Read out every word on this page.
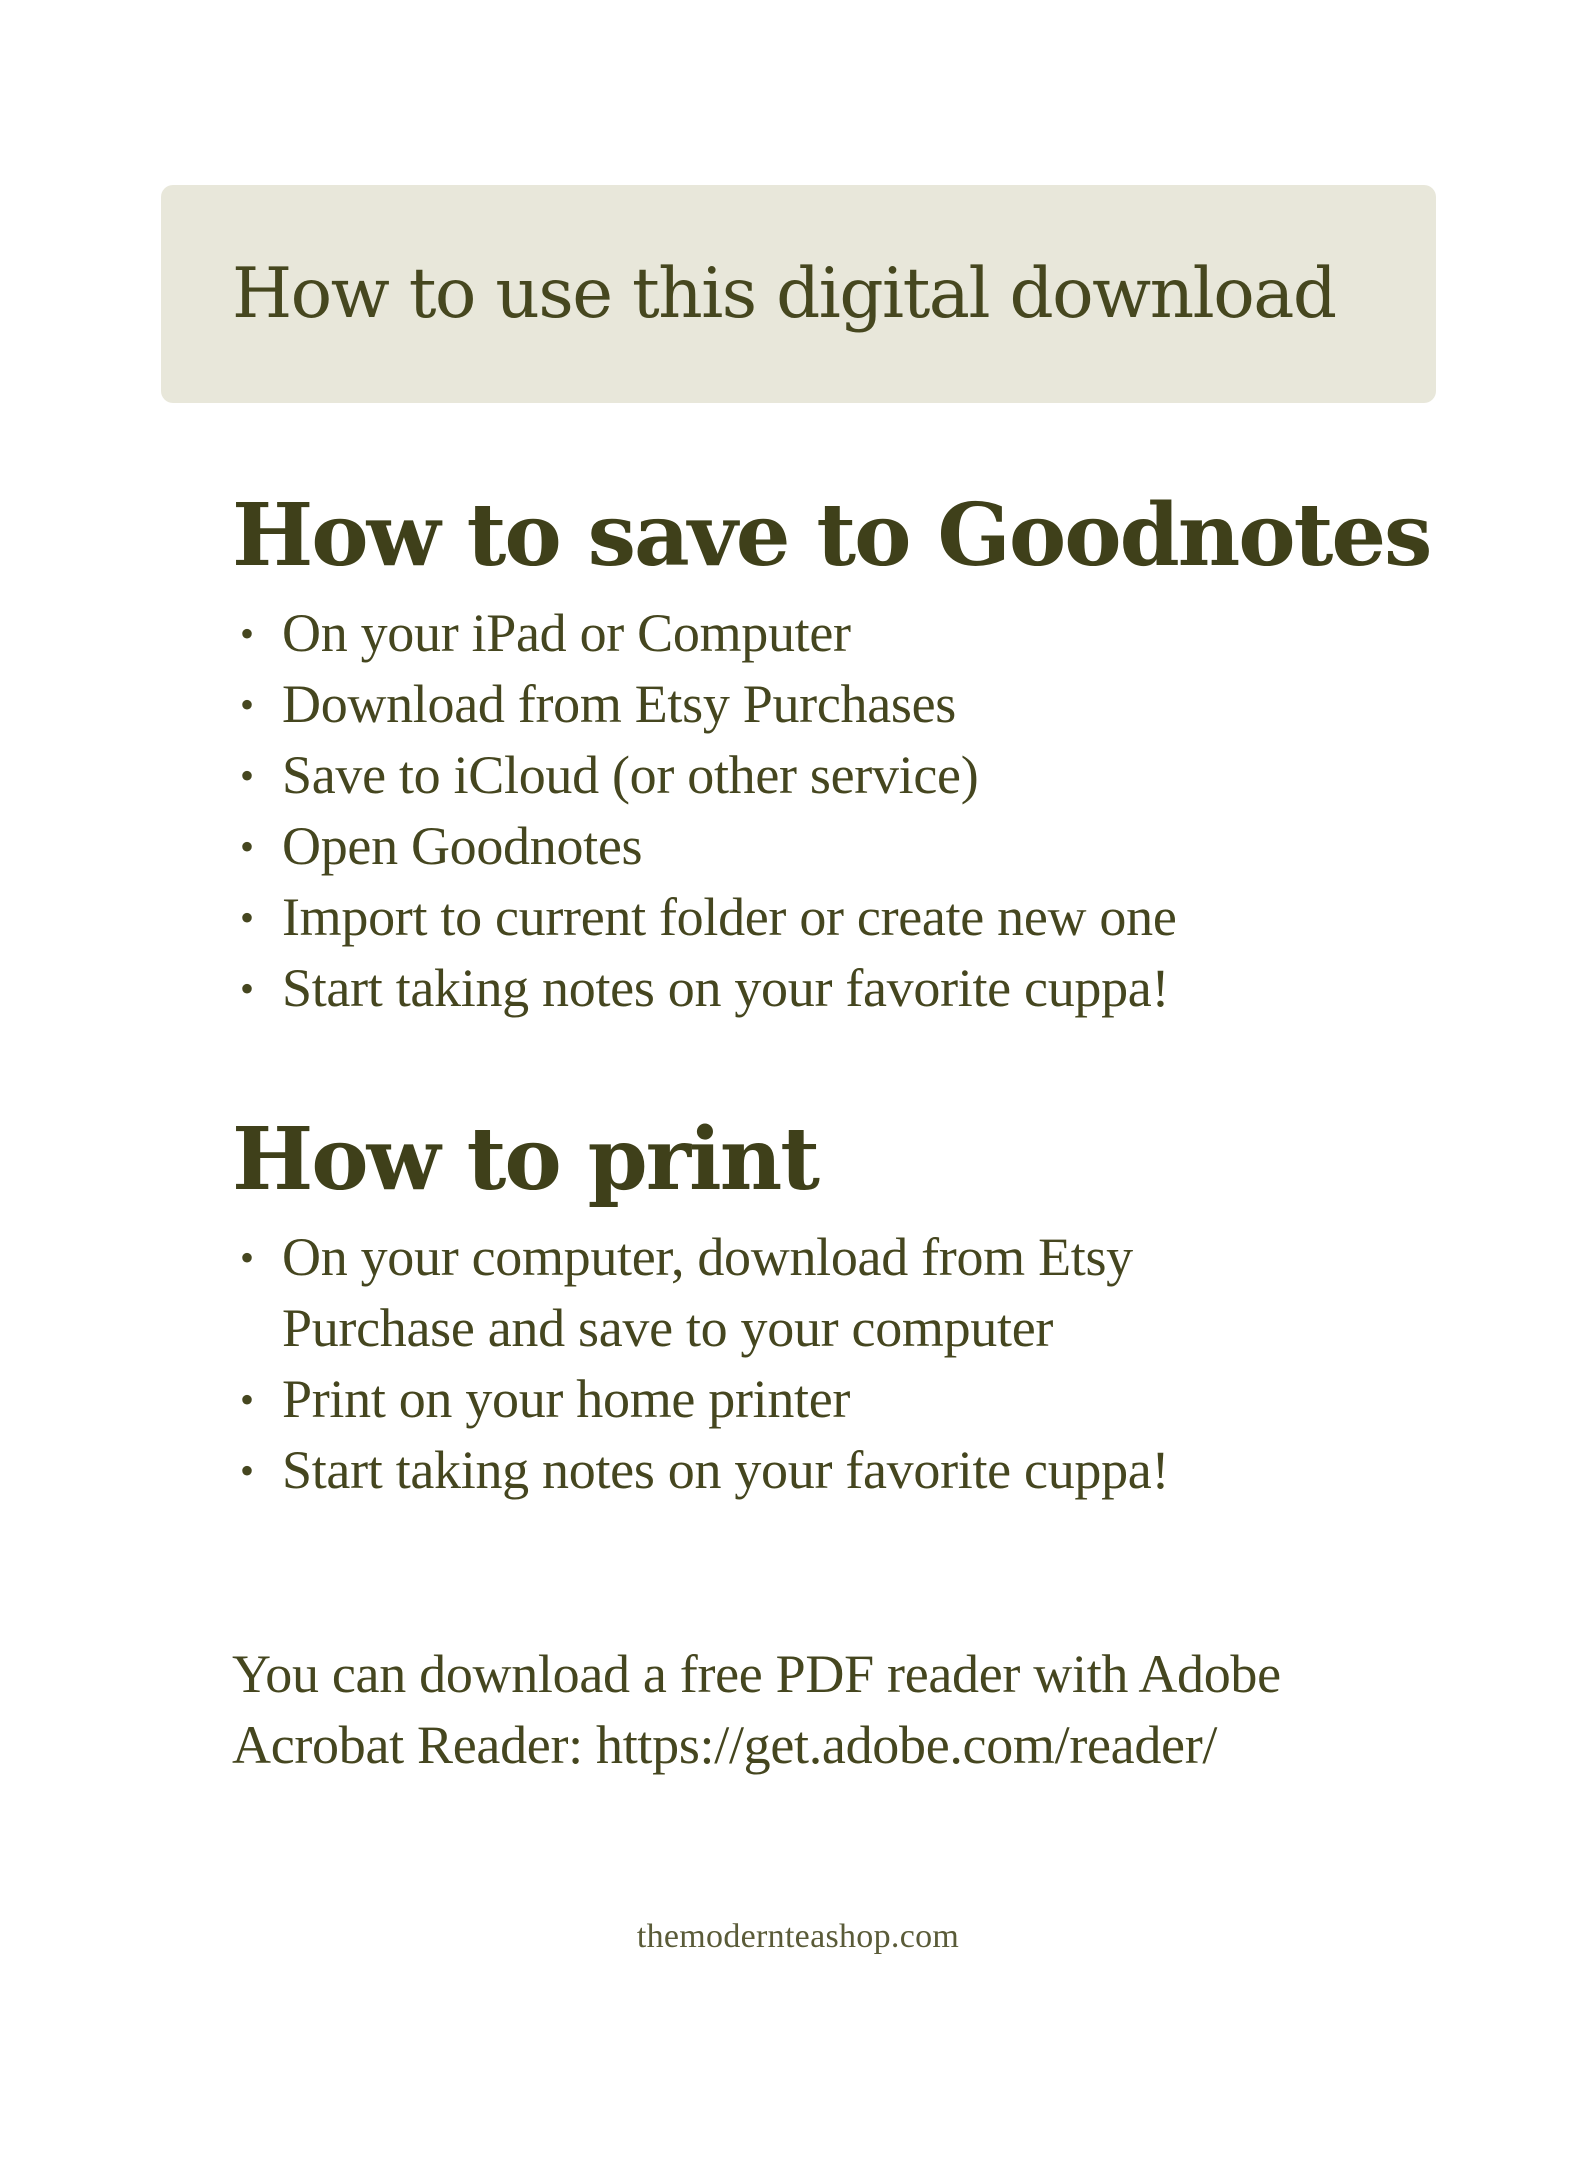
How to use this digital download
How to save to Goodnotes
• On your iPad or Computer
• Download from Etsy Purchases
• Save to iCloud (or other service)
• Open Goodnotes
• Import to current folder or create new one
• Start taking notes on your favorite cuppa!
How to print
• On your computer, download from Etsy Purchase and save to your computer
• Print on your home printer
• Start taking notes on your favorite cuppa!

You can download a free PDF reader with Adobe Acrobat Reader: https://get.adobe.com/reader/

themodernteashop.com
